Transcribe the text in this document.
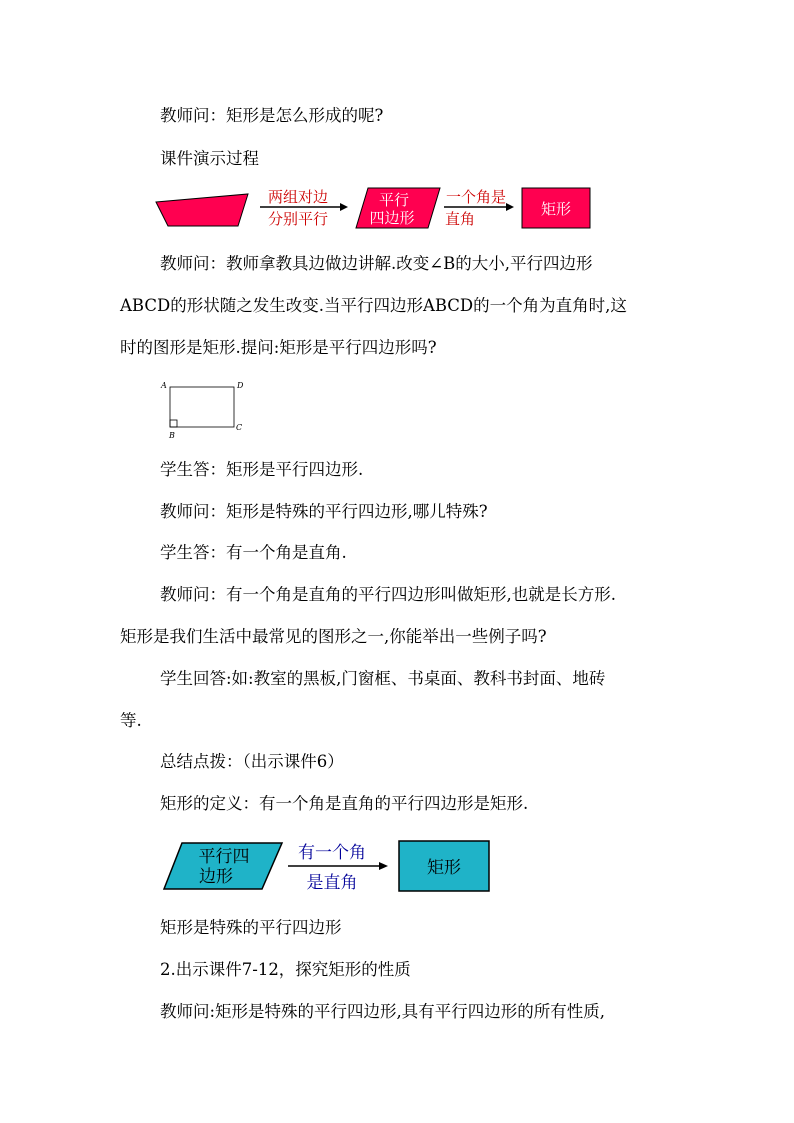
教师问：矩形是怎么形成的呢?
课件演示过程
两组对边
分别平行
平行
四边形
一个角是
直角
矩形
教师问：教师拿教具边做边讲解.改变∠B的大小,平行四边形
ABCD的形状随之发生改变.当平行四边形ABCD的一个角为直角时,这
时的图形是矩形.提问:矩形是平行四边形吗?
A	D
B
C
学生答：矩形是平行四边形.
教师问：矩形是特殊的平行四边形,哪儿特殊?
学生答：有一个角是直角.
教师问：有一个角是直角的平行四边形叫做矩形,也就是长方形.
矩形是我们生活中最常见的图形之一,你能举出一些例子吗?
学生回答:如:教室的黑板,门窗框、书桌面、教科书封面、地砖
等.
总结点拨：（出示课件6）
矩形的定义：有一个角是直角的平行四边形是矩形.
平行四
边形
有一个角
是直角
矩形
矩形是特殊的平行四边形
2.出示课件7-12，探究矩形的性质
教师问:矩形是特殊的平行四边形,具有平行四边形的所有性质,
